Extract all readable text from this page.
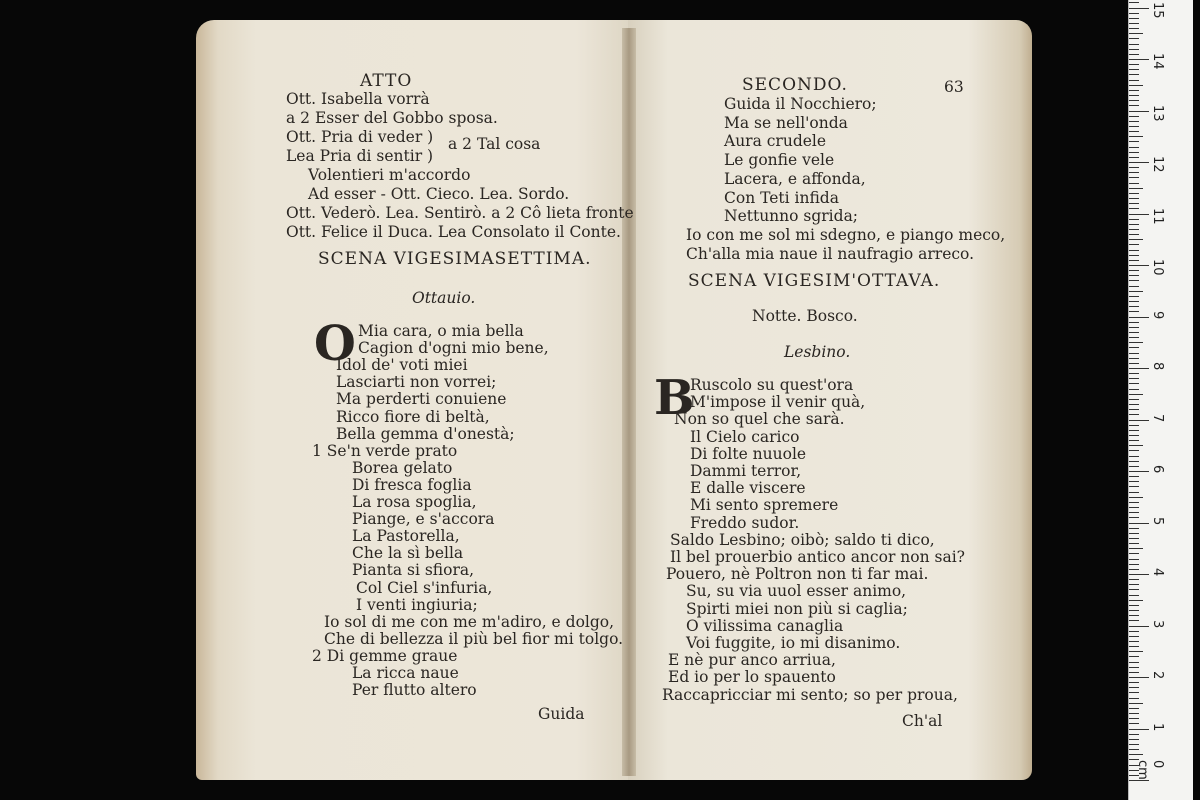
ATTO
Ott. Isabella vorrà
a 2 Esser del Gobbo sposa.
Ott. Pria di veder )
Lea Pria di sentir )
Volentieri m'accordo
Ad esser - Ott. Cieco. Lea. Sordo.
Ott. Vederò. Lea. Sentirò. a 2 Cô lieta fronte
Ott. Felice il Duca. Lea Consolato il Conte.
a 2 Tal cosa
SCENA VIGESIMASETTIMA.
Ottauio.
O Mia cara, o mia bella
Cagion d'ogni mio bene,
Idol de' voti miei
Lasciarti non vorrei;
Ma perderti conuiene
Ricco fiore di beltà,
Bella gemma d'onestà;
1 Se'n verde prato
Borea gelato
Di fresca foglia
La rosa spoglia,
Piange, e s'accora
La Pastorella,
Che la sì bella
Pianta si sfiora,
Col Ciel s'infuria,
I venti ingiuria;
Io sol di me con me m'adiro, e dolgo,
Che di bellezza il più bel fior mi tolgo.
2 Di gemme graue
La ricca naue
Per flutto altero
Guida
SECONDO.	63
Guida il Nocchiero;
Ma se nell'onda
Aura crudele
Le gonfie vele
Lacera, e affonda,
Con Teti infida
Nettunno sgrida;
Io con me sol mi sdegno, e piango meco,
Ch'alla mia naue il naufragio arreco.
SCENA VIGESIM'OTTAVA.
Notte. Bosco.
Lesbino.
B
Ruscolo su quest'ora
M'impose il venir quà,
Non so quel che sarà.
Il Cielo carico
Di folte nuuole
Dammi terror,
E dalle viscere
Mi sento spremere
Freddo sudor.
Saldo Lesbino; oibò; saldo ti dico,
Il bel prouerbio antico ancor non sai?
Pouero, nè Poltron non ti far mai.
Su, su via uuol esser animo,
Spirti miei non più si caglia;
O vilissima canaglia
Voi fuggite, io mi disanimo.
E nè pur anco arriua,
Ed io per lo spauento
Raccapricciar mi sento; so per proua,
Ch'al
0 cm
1
2
3
4
5
6
7
8
9
10
11
12
13
14
15
